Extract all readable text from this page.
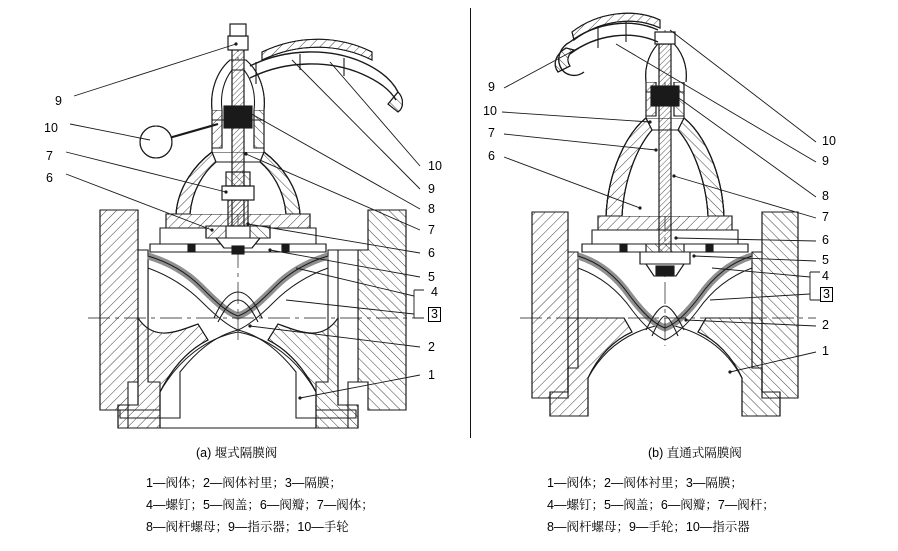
9
10
7
6
10
9
8
7
6
5
4
3
2
1
9
10
7
6
10
9
8
7
6
5
4
3
2
1
(a) 堰式隔膜阀	(b) 直通式隔膜阀
1—阀体；2—阀体衬里；3—隔膜；
4—螺钉；5—阀盖；6—阀瓣；7—阀体；
8—阀杆螺母；9—指示器；10—手轮
1—阀体；2—阀体衬里；3—隔膜；
4—螺钉；5—阀盖；6—阀瓣；7—阀杆；
8—阀杆螺母；9—手轮；10—指示器
